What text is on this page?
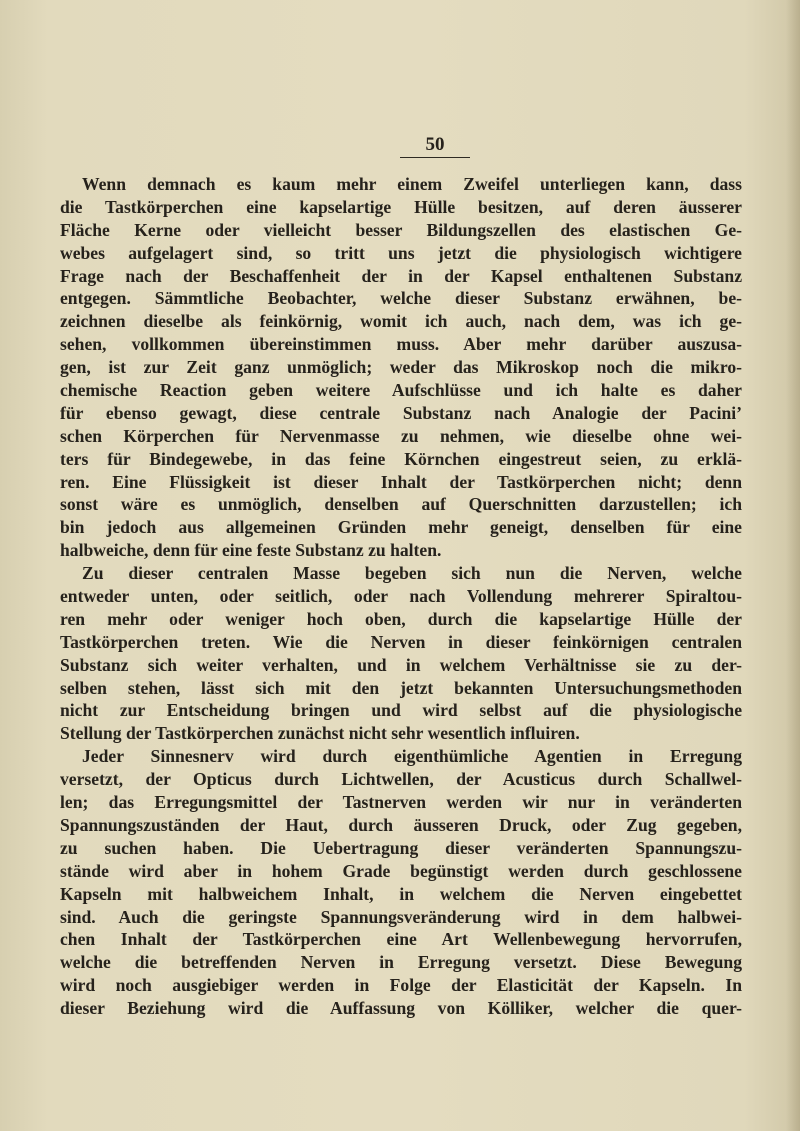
50
Wenn demnach es kaum mehr einem Zweifel unterliegen kann, dass
die Tastkörperchen eine kapselartige Hülle besitzen, auf deren äusserer
Fläche Kerne oder vielleicht besser Bildungszellen des elastischen Ge-
webes aufgelagert sind, so tritt uns jetzt die physiologisch wichtigere
Frage nach der Beschaffenheit der in der Kapsel enthaltenen Substanz
entgegen. Sämmtliche Beobachter, welche dieser Substanz erwähnen, be-
zeichnen dieselbe als feinkörnig, womit ich auch, nach dem, was ich ge-
sehen, vollkommen übereinstimmen muss. Aber mehr darüber auszusa-
gen, ist zur Zeit ganz unmöglich; weder das Mikroskop noch die mikro-
chemische Reaction geben weitere Aufschlüsse und ich halte es daher
für ebenso gewagt, diese centrale Substanz nach Analogie der Pacini’
schen Körperchen für Nervenmasse zu nehmen, wie dieselbe ohne wei-
ters für Bindegewebe, in das feine Körnchen eingestreut seien, zu erklä-
ren. Eine Flüssigkeit ist dieser Inhalt der Tastkörperchen nicht; denn
sonst wäre es unmöglich, denselben auf Querschnitten darzustellen; ich
bin jedoch aus allgemeinen Gründen mehr geneigt, denselben für eine
halbweiche, denn für eine feste Substanz zu halten.
Zu dieser centralen Masse begeben sich nun die Nerven, welche
entweder unten, oder seitlich, oder nach Vollendung mehrerer Spiraltou-
ren mehr oder weniger hoch oben, durch die kapselartige Hülle der
Tastkörperchen treten. Wie die Nerven in dieser feinkörnigen centralen
Substanz sich weiter verhalten, und in welchem Verhältnisse sie zu der-
selben stehen, lässt sich mit den jetzt bekannten Untersuchungsmethoden
nicht zur Entscheidung bringen und wird selbst auf die physiologische
Stellung der Tastkörperchen zunächst nicht sehr wesentlich influiren.
Jeder Sinnesnerv wird durch eigenthümliche Agentien in Erregung
versetzt, der Opticus durch Lichtwellen, der Acusticus durch Schallwel-
len; das Erregungsmittel der Tastnerven werden wir nur in veränderten
Spannungszuständen der Haut, durch äusseren Druck, oder Zug gegeben,
zu suchen haben. Die Uebertragung dieser veränderten Spannungszu-
stände wird aber in hohem Grade begünstigt werden durch geschlossene
Kapseln mit halbweichem Inhalt, in welchem die Nerven eingebettet
sind. Auch die geringste Spannungsveränderung wird in dem halbwei-
chen Inhalt der Tastkörperchen eine Art Wellenbewegung hervorrufen,
welche die betreffenden Nerven in Erregung versetzt. Diese Bewegung
wird noch ausgiebiger werden in Folge der Elasticität der Kapseln. In
dieser Beziehung wird die Auffassung von Kölliker, welcher die quer-
